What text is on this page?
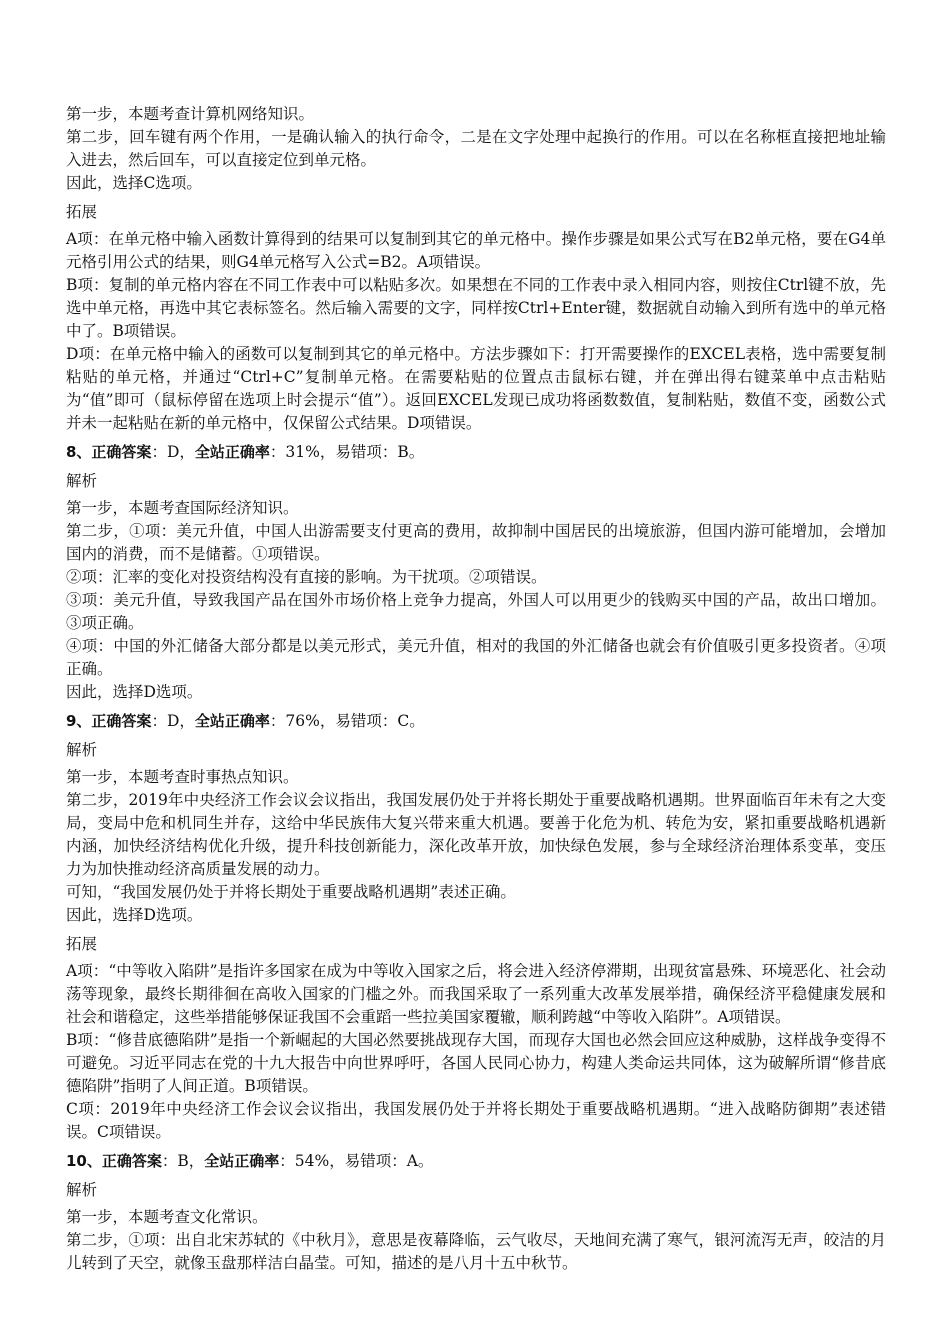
第一步，本题考查计算机网络知识。

第二步，回车键有两个作用，一是确认输入的执行命令，二是在文字处理中起换行的作用。可以在名称框直接把地址输入进去，然后回车，可以直接定位到单元格。

因此，选择C选项。

拓展

A项：在单元格中输入函数计算得到的结果可以复制到其它的单元格中。操作步骤是如果公式写在B2单元格，要在G4单元格引用公式的结果，则G4单元格写入公式=B2。A项错误。

B项：复制的单元格内容在不同工作表中可以粘贴多次。如果想在不同的工作表中录入相同内容，则按住Ctrl键不放，先选中单元格，再选中其它表标签名。然后输入需要的文字，同样按Ctrl+Enter键，数据就自动输入到所有选中的单元格中了。B项错误。

D项：在单元格中输入的函数可以复制到其它的单元格中。方法步骤如下：打开需要操作的EXCEL表格，选中需要复制粘贴的单元格，并通过“Ctrl+C”复制单元格。在需要粘贴的位置点击鼠标右键，并在弹出得右键菜单中点击粘贴为“值”即可（鼠标停留在选项上时会提示“值”）。返回EXCEL发现已成功将函数数值，复制粘贴，数值不变，函数公式并未一起粘贴在新的单元格中，仅保留公式结果。D项错误。

8、正确答案：D，全站正确率：31%，易错项：B。

解析

第一步，本题考查国际经济知识。

第二步，①项：美元升值，中国人出游需要支付更高的费用，故抑制中国居民的出境旅游，但国内游可能增加，会增加国内的消费，而不是储蓄。①项错误。

②项：汇率的变化对投资结构没有直接的影响。为干扰项。②项错误。

③项：美元升值，导致我国产品在国外市场价格上竞争力提高，外国人可以用更少的钱购买中国的产品，故出口增加。③项正确。

④项：中国的外汇储备大部分都是以美元形式，美元升值，相对的我国的外汇储备也就会有价值吸引更多投资者。④项正确。

因此，选择D选项。

9、正确答案：D，全站正确率：76%，易错项：C。

解析

第一步，本题考查时事热点知识。

第二步，2019年中央经济工作会议会议指出，我国发展仍处于并将长期处于重要战略机遇期。世界面临百年未有之大变局，变局中危和机同生并存，这给中华民族伟大复兴带来重大机遇。要善于化危为机、转危为安，紧扣重要战略机遇新内涵，加快经济结构优化升级，提升科技创新能力，深化改革开放，加快绿色发展，参与全球经济治理体系变革，变压力为加快推动经济高质量发展的动力。

可知，“我国发展仍处于并将长期处于重要战略机遇期”表述正确。

因此，选择D选项。

拓展

A项：“中等收入陷阱”是指许多国家在成为中等收入国家之后，将会进入经济停滞期，出现贫富悬殊、环境恶化、社会动荡等现象，最终长期徘徊在高收入国家的门槛之外。而我国采取了一系列重大改革发展举措，确保经济平稳健康发展和社会和谐稳定，这些举措能够保证我国不会重蹈一些拉美国家覆辙，顺利跨越“中等收入陷阱”。A项错误。

B项：“修昔底德陷阱”是指一个新崛起的大国必然要挑战现存大国，而现存大国也必然会回应这种威胁，这样战争变得不可避免。习近平同志在党的十九大报告中向世界呼吁，各国人民同心协力，构建人类命运共同体，这为破解所谓“修昔底德陷阱”指明了人间正道。B项错误。

C项：2019年中央经济工作会议会议指出，我国发展仍处于并将长期处于重要战略机遇期。“进入战略防御期”表述错误。C项错误。

10、正确答案：B，全站正确率：54%，易错项：A。

解析

第一步，本题考查文化常识。

第二步，①项：出自北宋苏轼的《中秋月》，意思是夜幕降临，云气收尽，天地间充满了寒气，银河流泻无声，皎洁的月儿转到了天空，就像玉盘那样洁白晶莹。可知，描述的是八月十五中秋节。
